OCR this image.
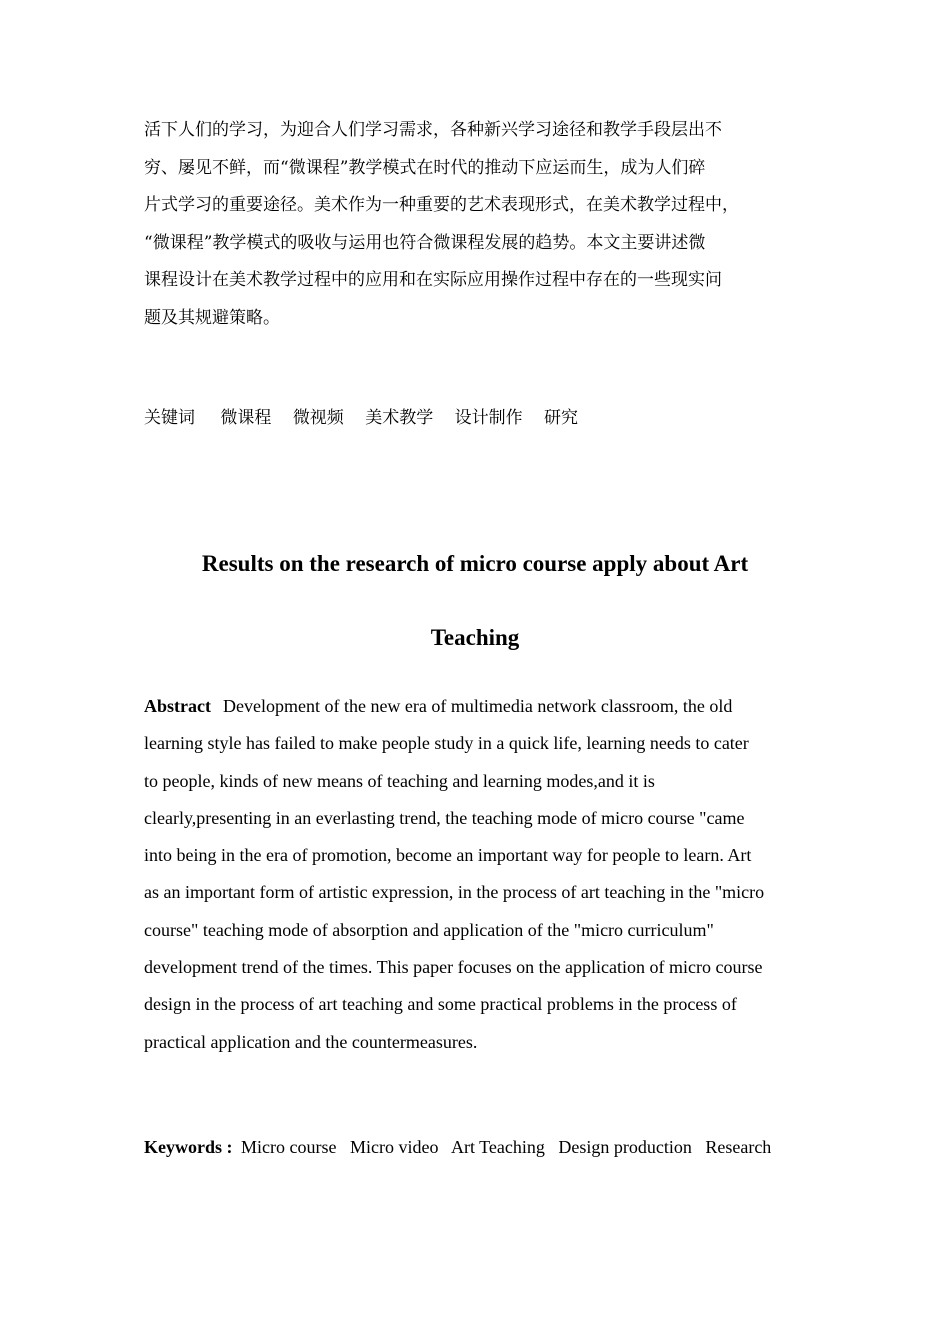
活下人们的学习，为迎合人们学习需求，各种新兴学习途径和教学手段层出不
穷、屡见不鲜，而“微课程”教学模式在时代的推动下应运而生，成为人们碎
片式学习的重要途径。美术作为一种重要的艺术表现形式，在美术教学过程中，
“微课程”教学模式的吸收与运用也符合微课程发展的趋势。本文主要讲述微
课程设计在美术教学过程中的应用和在实际应用操作过程中存在的一些现实问
题及其规避策略。
关键词 微课程 微视频 美术教学 设计制作 研究
Results on the research of micro course apply about Art
Teaching
Abstract Development of the new era of multimedia network classroom, the old
learning style has failed to make people study in a quick life, learning needs to cater
to people, kinds of new means of teaching and learning modes,and it is
clearly,presenting in an everlasting trend, the teaching mode of micro course "came
into being in the era of promotion, become an important way for people to learn. Art
as an important form of artistic expression, in the process of art teaching in the "micro
course" teaching mode of absorption and application of the "micro curriculum"
development trend of the times. This paper focuses on the application of micro course
design in the process of art teaching and some practical problems in the process of
practical application and the countermeasures.
Keywords : Micro course Micro video Art Teaching Design production Research
